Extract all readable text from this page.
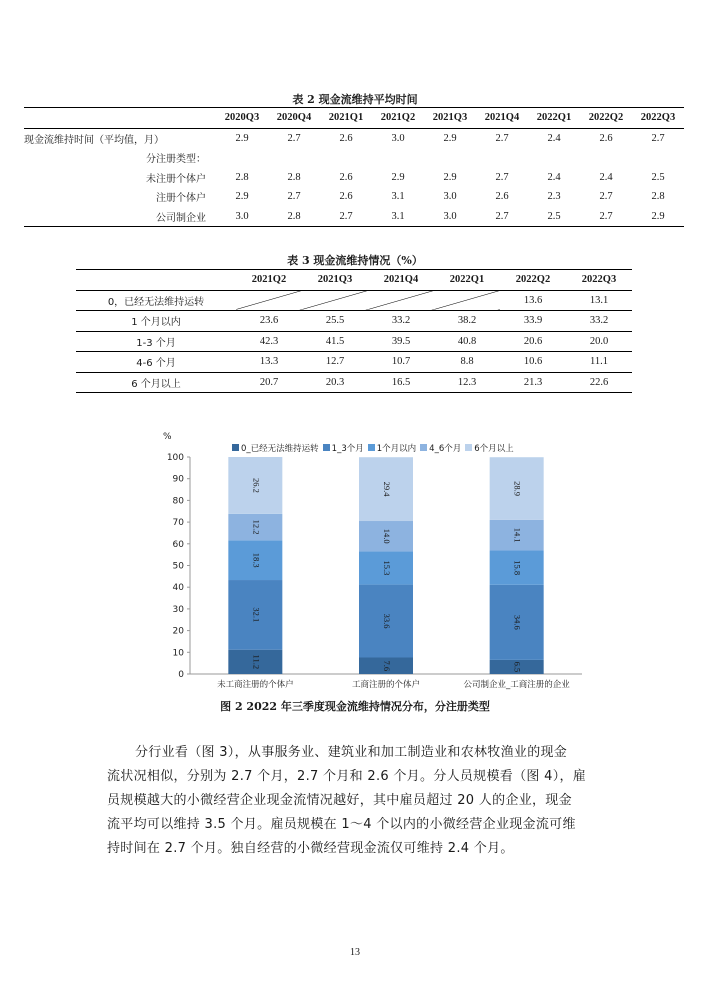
表 2 现金流维持平均时间
	2020Q3	2020Q4	2021Q1	2021Q2	2021Q3	2021Q4	2022Q1	2022Q2	2022Q3
现金流维持时间（平均值，月）	2.9	2.7	2.6	3.0	2.9	2.7	2.4	2.6	2.7
分注册类型：									
未注册个体户	2.8	2.8	2.6	2.9	2.9	2.7	2.4	2.4	2.5
注册个体户	2.9	2.7	2.6	3.1	3.0	2.6	2.3	2.7	2.8
公司制企业	3.0	2.8	2.7	3.1	3.0	2.7	2.5	2.7	2.9
表 3 现金流维持情况（%）
	2021Q2	2021Q3	2021Q4	2022Q1	2022Q2	2022Q3
0，已经无法维持运转					13.6	13.1
1 个月以内	23.6	25.5	33.2	38.2	33.9	33.2
1-3 个月	42.3	41.5	39.5	40.8	20.6	20.0
4-6 个月	13.3	12.7	10.7	8.8	10.6	11.1
6 个月以上	20.7	20.3	16.5	12.3	21.3	22.6
%
0_已经无法维持运转 1_3个月 1个月以内 4_6个月 6个月以上
0
10
20
30
40
50
60
70
80
90
100
11.2
32.1
18.3
12.2
26.2
未工商注册的个体户
7.6
33.6
15.3
14.0
29.4
工商注册的个体户
6.5
34.6
15.8
14.1
28.9
公司制企业_工商注册的企业
图 2 2022 年三季度现金流维持情况分布，分注册类型
分行业看（图 3），从事服务业、建筑业和加工制造业和农林牧渔业的现金
流状况相似，分别为 2.7 个月，2.7 个月和 2.6 个月。分人员规模看（图 4），雇
员规模越大的小微经营企业现金流情况越好，其中雇员超过 20 人的企业，现金
流平均可以维持 3.5 个月。雇员规模在 1～4 个以内的小微经营企业现金流可维
持时间在 2.7 个月。独自经营的小微经营现金流仅可维持 2.4 个月。
13
